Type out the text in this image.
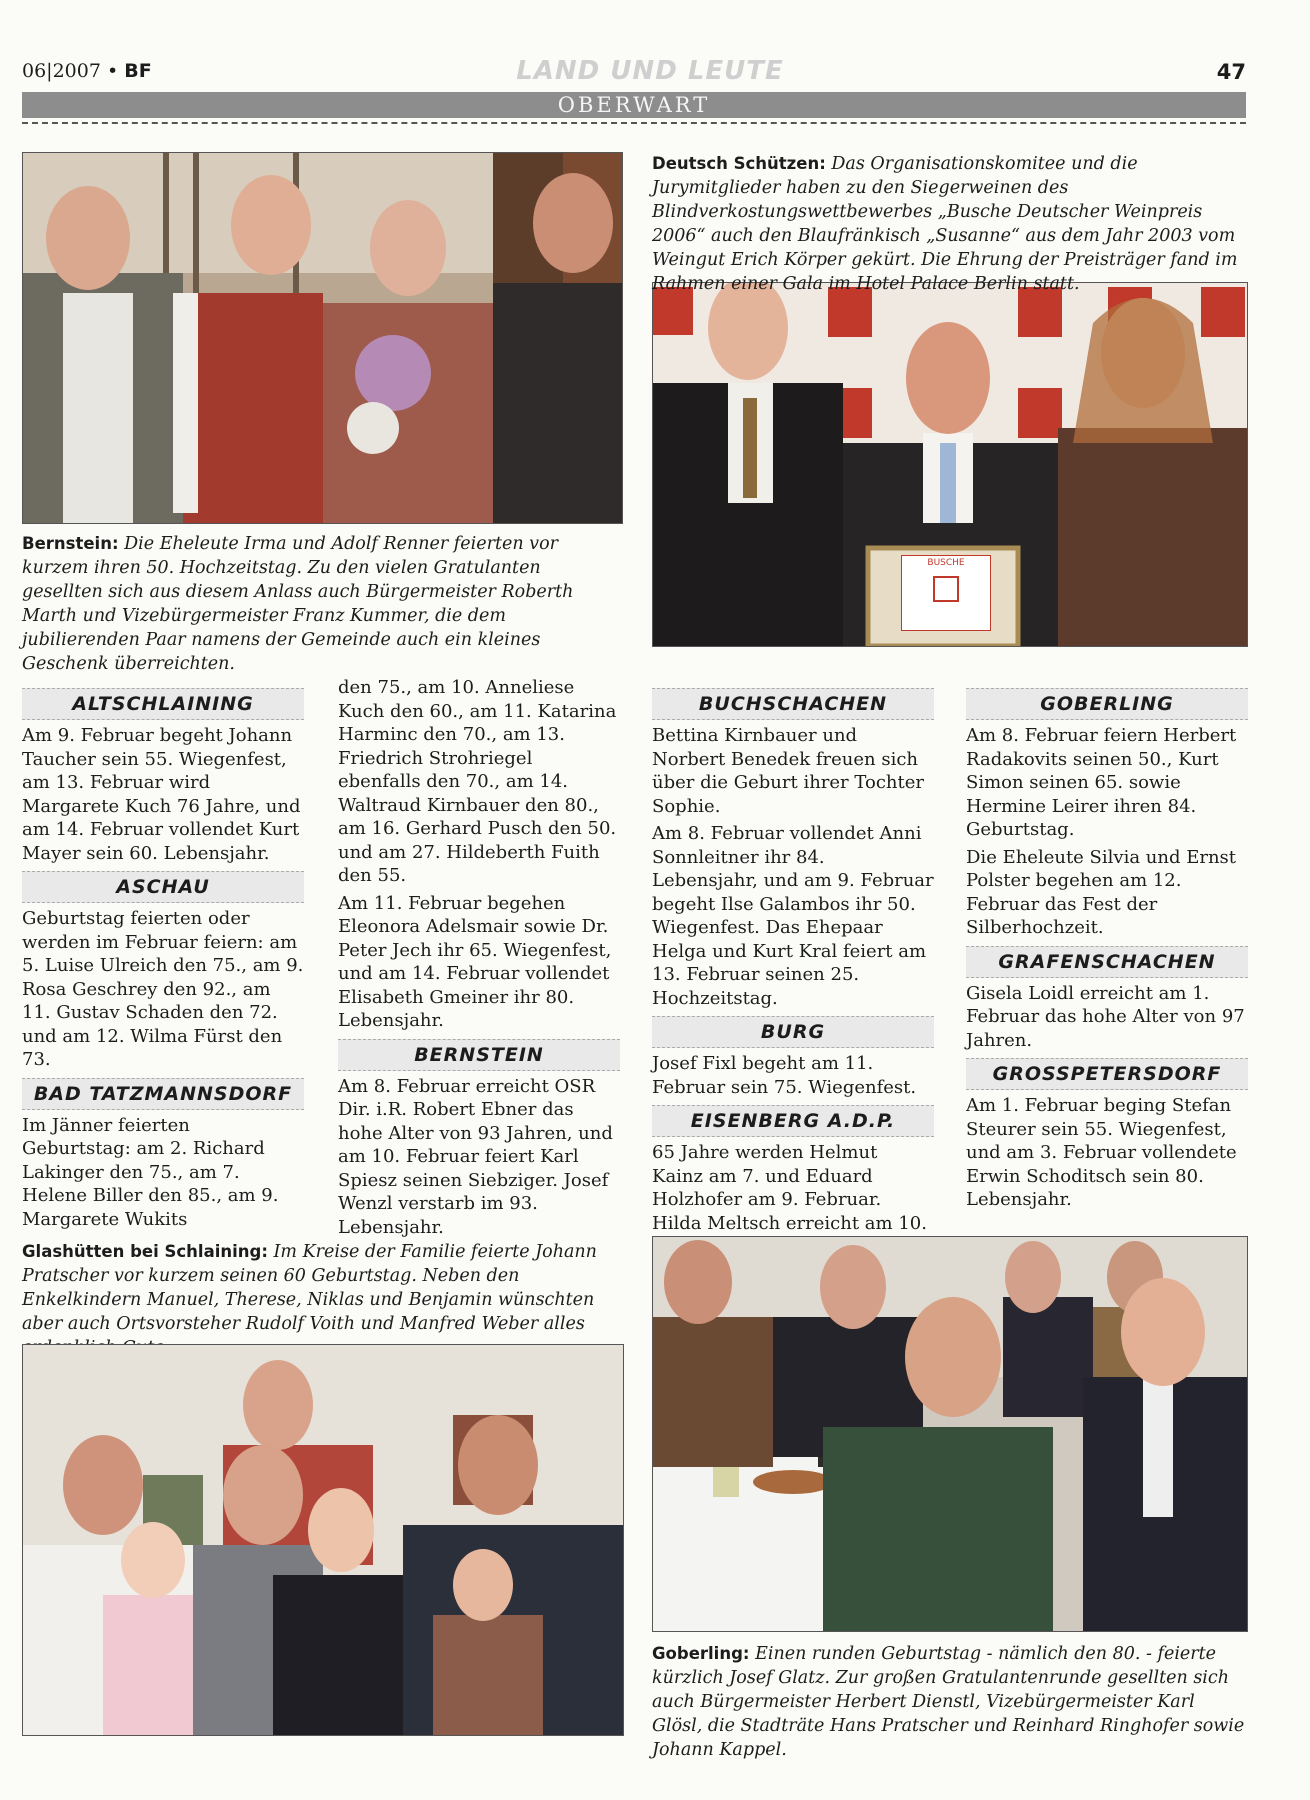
06|2007 • BF	LAND UND LEUTE	47
OBERWART
BUSCHE
Deutsch Schützen: Das Organisationskomitee und die Jurymitglieder haben zu den Siegerweinen des Blindverkostungswettbewerbes „Busche Deutscher Weinpreis 2006“ auch den Blaufränkisch „Susanne“ aus dem Jahr 2003 vom Weingut Erich Körper gekürt. Die Ehrung der Preisträger fand im Rahmen einer Gala im Hotel Palace Berlin statt.
Bernstein: Die Eheleute Irma und Adolf Renner feierten vor kurzem ihren 50. Hochzeitstag. Zu den vielen Gratulanten gesellten sich aus diesem Anlass auch Bürgermeister Roberth Marth und Vizebürgermeister Franz Kummer, die dem jubilierenden Paar namens der Gemeinde auch ein kleines Geschenk überreichten.
ALTSCHLAINING
Am 9. Februar begeht Johann Taucher sein 55. Wiegenfest, am 13. Februar wird Margarete Kuch 76 Jahre, und am 14. Februar vollendet Kurt Mayer sein 60. Lebensjahr.
ASCHAU
Geburtstag feierten oder werden im Februar feiern: am 5. Luise Ulreich den 75., am 9. Rosa Geschrey den 92., am 11. Gustav Schaden den 72. und am 12. Wilma Fürst den 73.
BAD TATZMANNSDORF
Im Jänner feierten Geburtstag: am 2. Richard Lakinger den 75., am 7. Helene Biller den 85., am 9. Margarete Wukits
den 75., am 10. Anneliese Kuch den 60., am 11. Katarina Harminc den 70., am 13. Friedrich Strohriegel ebenfalls den 70., am 14. Waltraud Kirnbauer den 80., am 16. Gerhard Pusch den 50. und am 27. Hildeberth Fuith den 55.
Am 11. Februar begehen Eleonora Adelsmair sowie Dr. Peter Jech ihr 65. Wiegenfest, und am 14. Februar vollendet Elisabeth Gmeiner ihr 80. Lebensjahr.
BERNSTEIN
Am 8. Februar erreicht OSR Dir. i.R. Robert Ebner das hohe Alter von 93 Jahren, und am 10. Februar feiert Karl Spiesz seinen Siebziger. Josef Wenzl verstarb im 93. Lebensjahr.
BUCHSCHACHEN
Bettina Kirnbauer und Norbert Benedek freuen sich über die Geburt ihrer Tochter Sophie.
Am 8. Februar vollendet Anni Sonnleitner ihr 84. Lebensjahr, und am 9. Februar begeht Ilse Galambos ihr 50. Wiegenfest. Das Ehepaar Helga und Kurt Kral feiert am 13. Februar seinen 25. Hochzeitstag.
BURG
Josef Fixl begeht am 11. Februar sein 75. Wiegenfest.
EISENBERG A.D.P.
65 Jahre werden Helmut Kainz am 7. und Eduard Holzhofer am 9. Februar. Hilda Meltsch erreicht am 10.
GOBERLING
Am 8. Februar feiern Herbert Radakovits seinen 50., Kurt Simon seinen 65. sowie Hermine Leirer ihren 84. Geburtstag.
Die Eheleute Silvia und Ernst Polster begehen am 12. Februar das Fest der Silberhochzeit.
GRAFENSCHACHEN
Gisela Loidl erreicht am 1. Februar das hohe Alter von 97 Jahren.
GROSSPETERSDORF
Am 1. Februar beging Stefan Steurer sein 55. Wiegenfest, und am 3. Februar vollendete Erwin Schoditsch sein 80. Lebensjahr.
Glashütten bei Schlaining: Im Kreise der Familie feierte Johann Pratscher vor kurzem seinen 60 Geburtstag. Neben den Enkelkindern Manuel, Therese, Niklas und Benjamin wünschten aber auch Ortsvorsteher Rudolf Voith und Manfred Weber alles
Goberling: Einen runden Geburtstag - nämlich den 80. - feierte kürzlich Josef Glatz. Zur großen Gratulantenrunde gesellten sich auch Bürgermeister Herbert Dienstl, Vizebürgermeister Karl Glösl, die Stadträte Hans Pratscher und Reinhard Ringhofer sowie Johann Kappel.
